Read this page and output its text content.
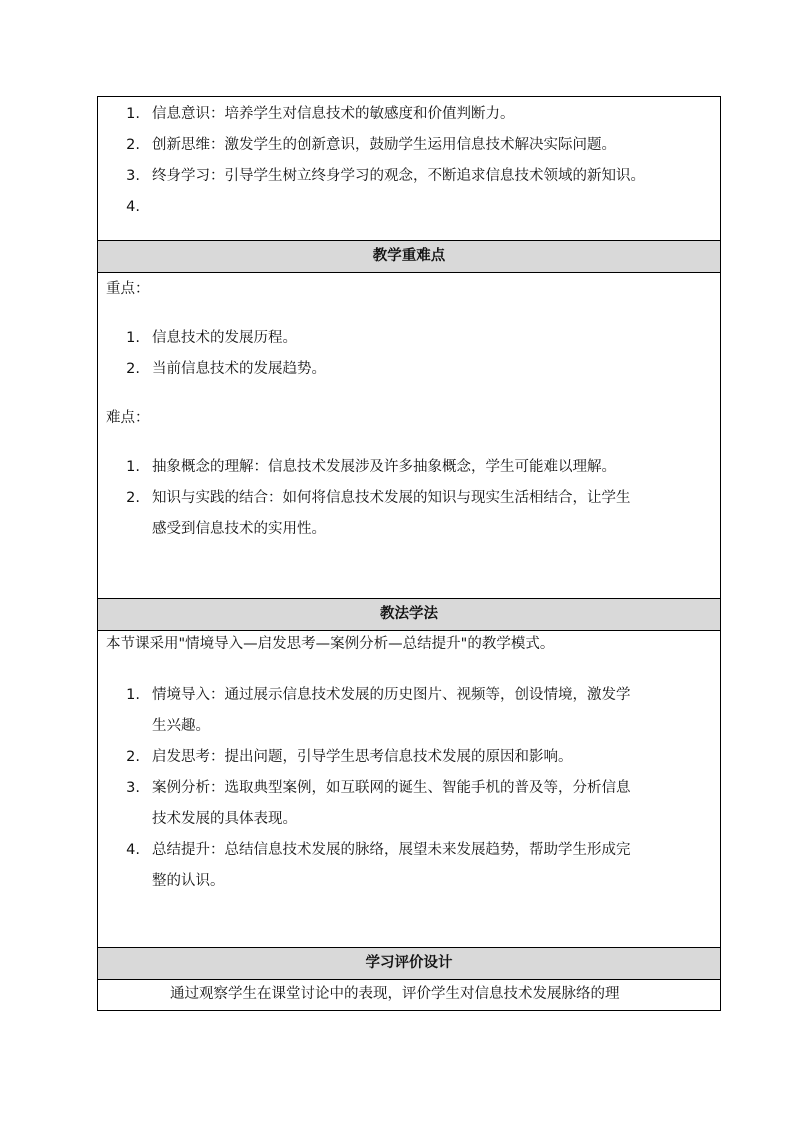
1. 信息意识：培养学生对信息技术的敏感度和价值判断力。
2. 创新思维：激发学生的创新意识，鼓励学生运用信息技术解决实际问题。
3. 终身学习：引导学生树立终身学习的观念，不断追求信息技术领域的新知识。
4.
教学重难点
重点：
1. 信息技术的发展历程。
2. 当前信息技术的发展趋势。
难点：
1. 抽象概念的理解：信息技术发展涉及许多抽象概念，学生可能难以理解。
2. 知识与实践的结合：如何将信息技术发展的知识与现实生活相结合，让学生
感受到信息技术的实用性。
教法学法
本节课采用"情境导入—启发思考—案例分析—总结提升"的教学模式。
1. 情境导入：通过展示信息技术发展的历史图片、视频等，创设情境，激发学
生兴趣。
2. 启发思考：提出问题，引导学生思考信息技术发展的原因和影响。
3. 案例分析：选取典型案例，如互联网的诞生、智能手机的普及等，分析信息
技术发展的具体表现。
4. 总结提升：总结信息技术发展的脉络，展望未来发展趋势，帮助学生形成完
整的认识。
学习评价设计
通过观察学生在课堂讨论中的表现，评价学生对信息技术发展脉络的理
